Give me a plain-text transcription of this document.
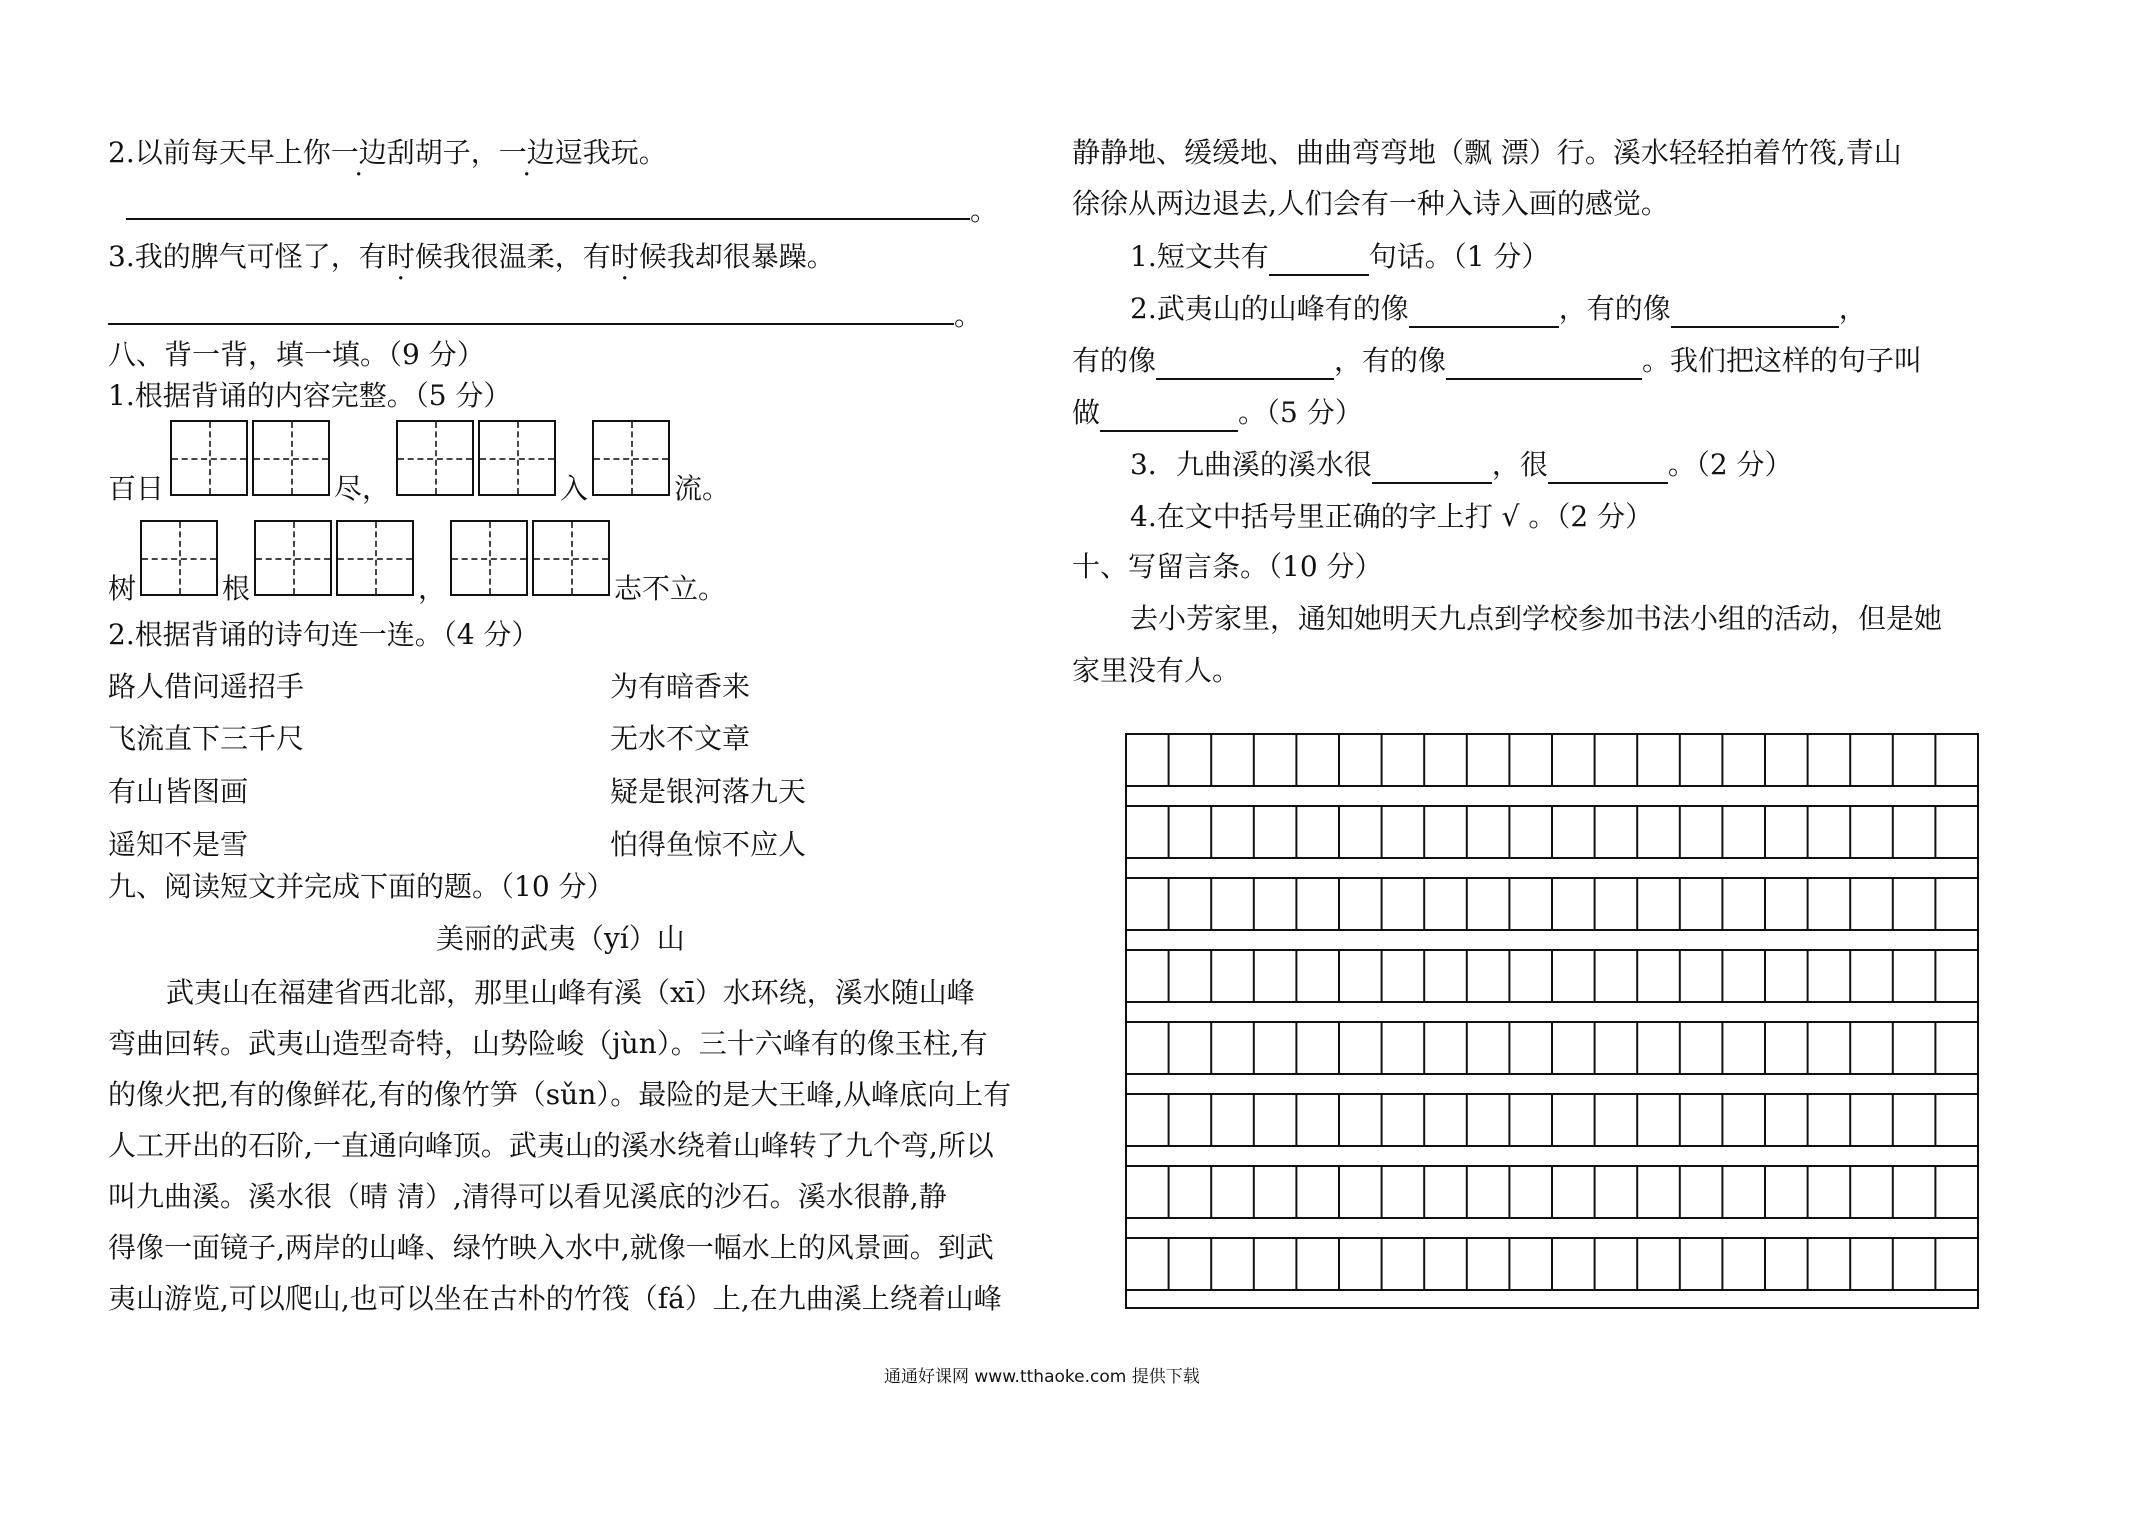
2.以前每天早上你一边刮胡子，一边逗我玩。
。
3.我的脾气可怪了，有时候我很温柔，有时候我却很暴躁。
。
八、背一背，填一填。（9 分）
1.根据背诵的内容完整。（5 分）
百日	尽，	入	流。
树	根	，	志不立。
2.根据背诵的诗句连一连。（4 分）
路人借问遥招手	为有暗香来
飞流直下三千尺	无水不文章
有山皆图画	疑是银河落九天
遥知不是雪	怕得鱼惊不应人
九、阅读短文并完成下面的题。（10 分）
美丽的武夷（yí）山
武夷山在福建省西北部，那里山峰有溪（xī）水环绕，溪水随山峰
弯曲回转。武夷山造型奇特，山势险峻（jùn）。三十六峰有的像玉柱,有
的像火把,有的像鲜花,有的像竹笋（sǔn）。最险的是大王峰,从峰底向上有
人工开出的石阶,一直通向峰顶。武夷山的溪水绕着山峰转了九个弯,所以
叫九曲溪。溪水很（晴 清）,清得可以看见溪底的沙石。溪水很静,静
得像一面镜子,两岸的山峰、绿竹映入水中,就像一幅水上的风景画。到武
夷山游览,可以爬山,也可以坐在古朴的竹筏（fá）上,在九曲溪上绕着山峰
静静地、缓缓地、曲曲弯弯地（飘 漂）行。溪水轻轻拍着竹筏,青山
徐徐从两边退去,人们会有一种入诗入画的感觉。
1.短文共有	句话。（1 分）
2.武夷山的山峰有的像	，有的像	，
有的像	，有的像	。我们把这样的句子叫
做	。（5 分）
3．九曲溪的溪水很	，很	。（2 分）
4.在文中括号里正确的字上打 √ 。（2 分）
十、写留言条。（10 分）
去小芳家里，通知她明天九点到学校参加书法小组的活动，但是她
家里没有人。
通通好课网 www.tthaoke.com 提供下载
